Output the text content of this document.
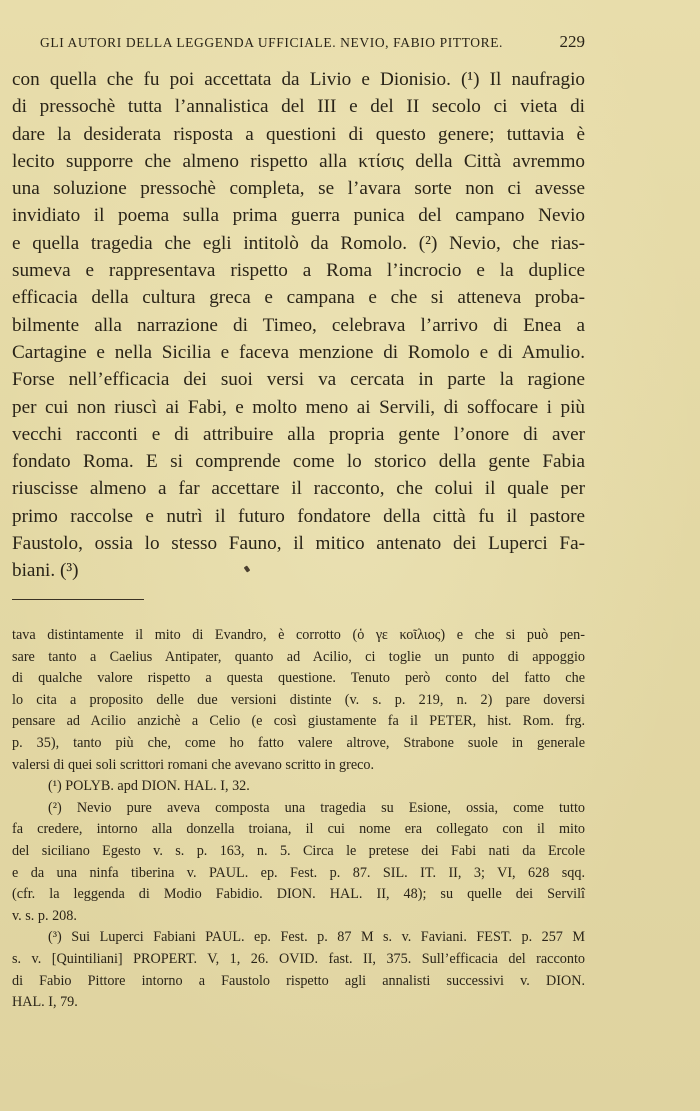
GLI AUTORI DELLA LEGGENDA UFFICIALE. NEVIO, FABIO PITTORE.	229
con quella che fu poi accettata da Livio e Dionisio. (¹) Il naufragio
di pressochè tutta l’annalistica del III e del II secolo ci vieta di
dare la desiderata risposta a questioni di questo genere; tuttavia è
lecito supporre che almeno rispetto alla κτίσις della Città avremmo
una soluzione pressochè completa, se l’avara sorte non ci avesse
invidiato il poema sulla prima guerra punica del campano Nevio
e quella tragedia che egli intitolò da Romolo. (²) Nevio, che rias-
sumeva e rappresentava rispetto a Roma l’incrocio e la duplice
efficacia della cultura greca e campana e che si atteneva proba-
bilmente alla narrazione di Timeo, celebrava l’arrivo di Enea a
Cartagine e nella Sicilia e faceva menzione di Romolo e di Amulio.
Forse nell’efficacia dei suoi versi va cercata in parte la ragione
per cui non riuscì ai Fabi, e molto meno ai Servili, di soffocare i più
vecchi racconti e di attribuire alla propria gente l’onore di aver
fondato Roma. E si comprende come lo storico della gente Fabia
riuscisse almeno a far accettare il racconto, che colui il quale per
primo raccolse e nutrì il futuro fondatore della città fu il pastore
Faustolo, ossia lo stesso Fauno, il mitico antenato dei Luperci Fa-
biani. (³)
tava distintamente il mito di Evandro, è corrotto (ὁ γε κοῖλιος) e che si può pen-
sare tanto a Caelius Antipater, quanto ad Acilio, ci toglie un punto di appoggio
di qualche valore rispetto a questa questione. Tenuto però conto del fatto che
lo cita a proposito delle due versioni distinte (v. s. p. 219, n. 2) pare doversi
pensare ad Acilio anzichè a Celio (e così giustamente fa il PETER, hist. Rom. frg.
p. 35), tanto più che, come ho fatto valere altrove, Strabone suole in generale
valersi di quei soli scrittori romani che avevano scritto in greco.
(¹) POLYB. apd DION. HAL. I, 32.
(²) Nevio pure aveva composta una tragedia su Esione, ossia, come tutto
fa credere, intorno alla donzella troiana, il cui nome era collegato con il mito
del siciliano Egesto v. s. p. 163, n. 5. Circa le pretese dei Fabi nati da Ercole
e da una ninfa tiberina v. PAUL. ep. Fest. p. 87. SIL. IT. II, 3; VI, 628 sqq.
(cfr. la leggenda di Modio Fabidio. DION. HAL. II, 48); su quelle dei Servilî
v. s. p. 208.
(³) Sui Luperci Fabiani PAUL. ep. Fest. p. 87 M s. v. Faviani. FEST. p. 257 M
s. v. [Quintiliani] PROPERT. V, 1, 26. OVID. fast. II, 375. Sull’efficacia del racconto
di Fabio Pittore intorno a Faustolo rispetto agli annalisti successivi v. DION.
HAL. I, 79.
